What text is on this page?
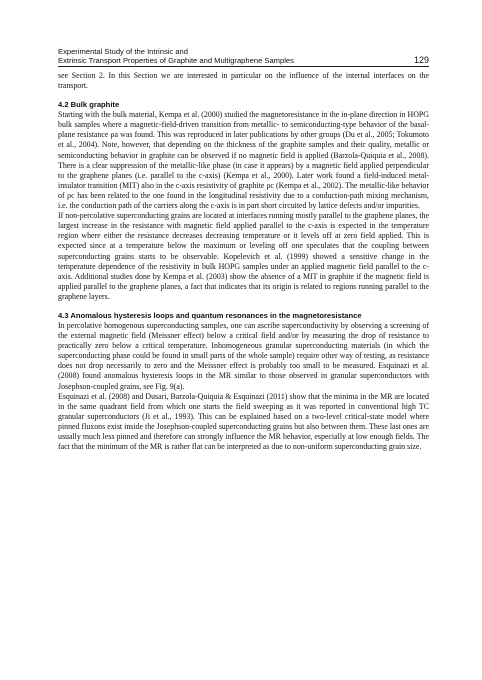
Experimental Study of the Intrinsic and
Extrinsic Transport Properties of Graphite and Multigraphene Samples	129

see Section 2. In this Section we are interested in particular on the influence of the internal interfaces on the transport.

4.2 Bulk graphite

Starting with the bulk material, Kempa et al. (2000) studied the magnetoresistance in the in-plane direction in HOPG bulk samples where a magnetic-field-driven transition from metallic- to semiconducting-type behavior of the basal-plane resistance ρa was found. This was reproduced in later publications by other groups (Du et al., 2005; Tokumoto et al., 2004). Note, however, that depending on the thickness of the graphite samples and their quality, metallic or semiconducting behavior in graphite can be observed if no magnetic field is applied (Barzola-Quiquia et al., 2008). There is a clear suppression of the metallic-like phase (in case it appears) by a magnetic field applied perpendicular to the graphene planes (i.e. parallel to the c-axis) (Kempa et al., 2000). Later work found a field-induced metal-insulator transition (MIT) also in the c-axis resistivity of graphite ρc (Kempa et al., 2002). The metallic-like behavior of ρc has been related to the one found in the longitudinal resistivity due to a conduction-path mixing mechanism, i.e. the conduction path of the carriers along the c-axis is in part short circuited by lattice defects and/or impurities.

If non-percolative superconducting grains are located at interfaces running mostly parallel to the graphene planes, the largest increase in the resistance with magnetic field applied parallel to the c-axis is expected in the temperature region where either the resistance decreases decreasing temperature or it levels off at zero field applied. This is expected since at a temperature below the maximum or leveling off one speculates that the coupling between superconducting grains starts to be observable. Kopelevich et al. (1999) showed a sensitive change in the temperature dependence of the resistivity in bulk HOPG samples under an applied magnetic field parallel to the c-axis. Additional studies done by Kempa et al. (2003) show the absence of a MIT in graphite if the magnetic field is applied parallel to the graphene planes, a fact that indicates that its origin is related to regions running parallel to the graphene layers.

4.3 Anomalous hysteresis loops and quantum resonances in the magnetoresistance

In percolative homogenous superconducting samples, one can ascribe superconductivity by observing a screening of the external magnetic field (Meissner effect) below a critical field and/or by measuring the drop of resistance to practically zero below a critical temperature. Inhomogeneous granular superconducting materials (in which the superconducting phase could be found in small parts of the whole sample) require other way of testing, as resistance does not drop necessarily to zero and the Meissner effect is probably too small to be measured. Esquinazi et al. (2008) found anomalous hysteresis loops in the MR similar to those observed in granular superconductors with Josephson-coupled grains, see Fig. 9(a).

Esquinazi et al. (2008) and Dusari, Barzola-Quiquia & Esquinazi (2011) show that the minima in the MR are located in the same quadrant field from which one starts the field sweeping as it was reported in conventional high TC granular superconductors (Ji et al., 1993). This can be explained based on a two-level critical-state model where pinned fluxons exist inside the Josephson-coupled superconducting grains but also between them. These last ones are usually much less pinned and therefore can strongly influence the MR behavior, especially at low enough fields. The fact that the minimum of the MR is rather flat can be interpreted as due to non-uniform superconducting grain size.
